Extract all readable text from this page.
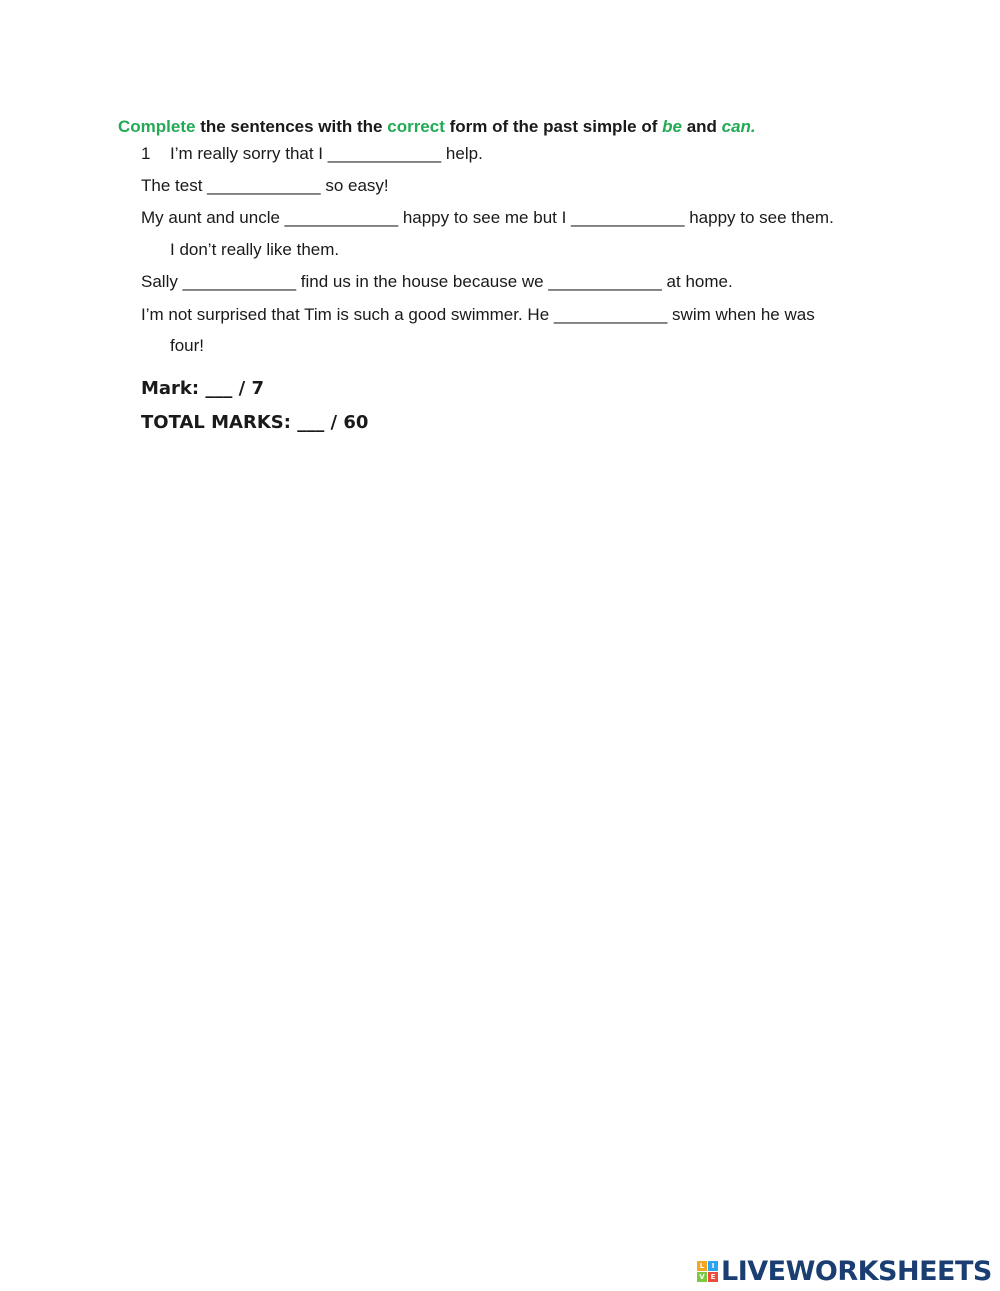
Complete the sentences with the correct form of the past simple of be and can.
1 I’m really sorry that I ____________ help.
The test ____________ so easy!
My aunt and uncle ____________ happy to see me but I ____________ happy to see them.
I don’t really like them.
Sally ____________ find us in the house because we ____________ at home.
I’m not surprised that Tim is such a good swimmer. He ____________ swim when he was
four!
Mark: ___ / 7
TOTAL MARKS: ___ / 60
L	I
V E LIVEWORKSHEETS
